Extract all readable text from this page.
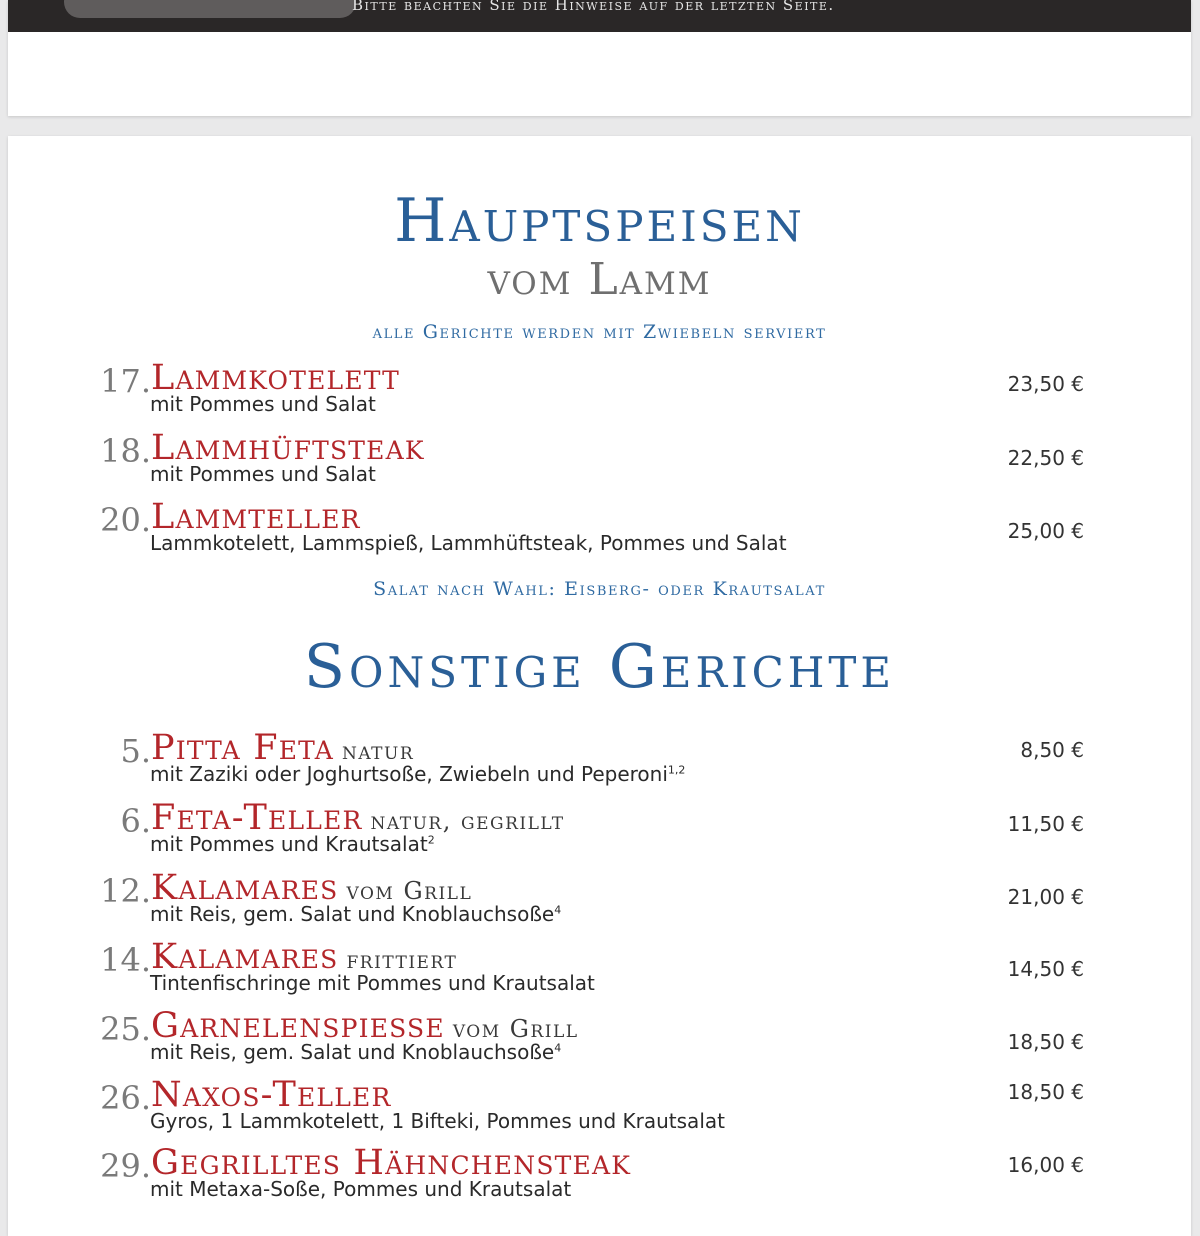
Bitte beachten Sie die Hinweise auf der letzten Seite.
Hauptspeisen
vom Lamm
alle Gerichte werden mit Zwiebeln serviert
17. Lammkotelett
mit Pommes und Salat
23,50 €
18. Lammhüftsteak
mit Pommes und Salat
22,50 €
20. Lammteller
Lammkotelett, Lammspieß, Lammhüftsteak, Pommes und Salat	25,00 €
Salat nach Wahl: Eisberg- oder Krautsalat
Sonstige Gerichte
5. Pitta Feta natur
mit Zaziki oder Joghurtsoße, Zwiebeln und Peperoni$^{1,2}$
8,50 €
6. Feta-Teller natur, gegrillt
mit Pommes und Krautsalat$^2$
11,50 €
12. Kalamares vom Grill
mit Reis, gem. Salat und Knoblauchsoße$^4$
21,00 €
14. Kalamares frittiert
Tintenfischringe mit Pommes und Krautsalat
14,50 €
25. Garnelenspiesse vom Grill
mit Reis, gem. Salat und Knoblauchsoße$^4$	18,50 €
26. Naxos-Teller
Gyros, 1 Lammkotelett, 1 Bifteki, Pommes und Krautsalat
18,50 €
29. Gegrilltes Hähnchensteak
mit Metaxa-Soße, Pommes und Krautsalat
16,00 €
